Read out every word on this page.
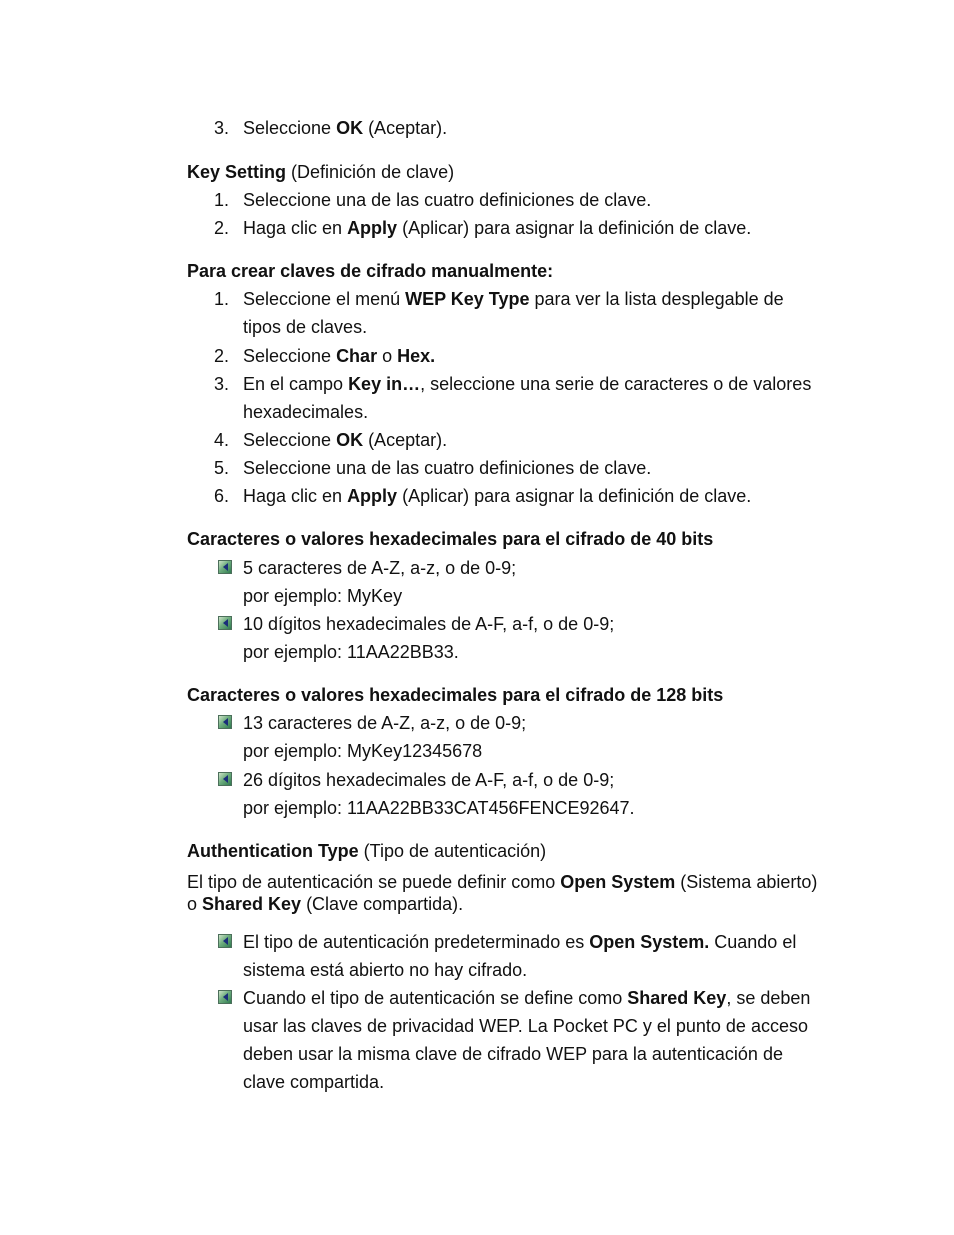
3. Seleccione OK (Aceptar).
Key Setting (Definición de clave)
1. Seleccione una de las cuatro definiciones de clave.
2. Haga clic en Apply (Aplicar) para asignar la definición de clave.
Para crear claves de cifrado manualmente:
1. Seleccione el menú WEP Key Type para ver la lista desplegable de
tipos de claves.
2. Seleccione Char o Hex.
3. En el campo Key in…, seleccione una serie de caracteres o de valores
hexadecimales.
4. Seleccione OK (Aceptar).
5. Seleccione una de las cuatro definiciones de clave.
6. Haga clic en Apply (Aplicar) para asignar la definición de clave.
Caracteres o valores hexadecimales para el cifrado de 40 bits
5 caracteres de A-Z, a-z, o de 0-9;
por ejemplo: MyKey
10 dígitos hexadecimales de A-F, a-f, o de 0-9;
por ejemplo: 11AA22BB33.
Caracteres o valores hexadecimales para el cifrado de 128 bits
13 caracteres de A-Z, a-z, o de 0-9;
por ejemplo: MyKey12345678
26 dígitos hexadecimales de A-F, a-f, o de 0-9;
por ejemplo: 11AA22BB33CAT456FENCE92647.
Authentication Type (Tipo de autenticación)
El tipo de autenticación se puede definir como Open System (Sistema abierto) o Shared Key (Clave compartida).
El tipo de autenticación predeterminado es Open System. Cuando el
sistema está abierto no hay cifrado.
Cuando el tipo de autenticación se define como Shared Key, se deben
usar las claves de privacidad WEP. La Pocket PC y el punto de acceso
deben usar la misma clave de cifrado WEP para la autenticación de
clave compartida.
